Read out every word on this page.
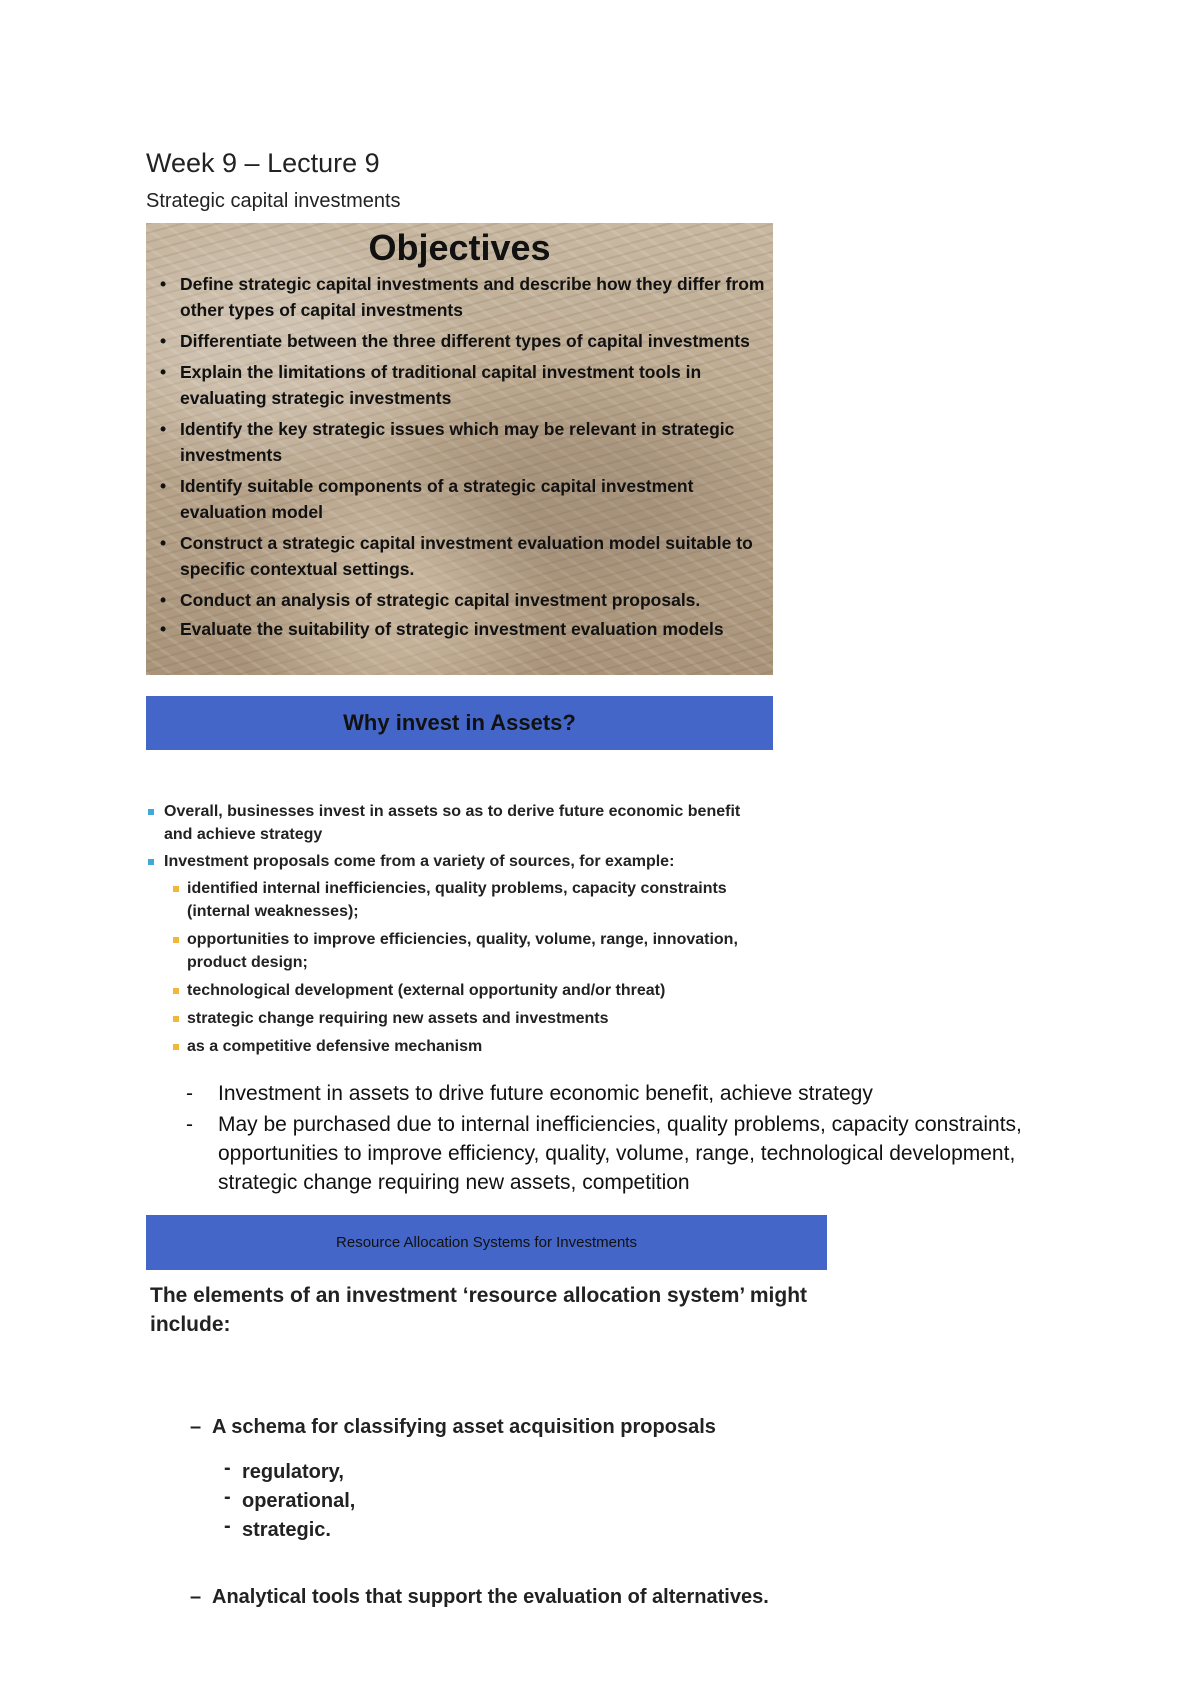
Week 9 – Lecture 9
Strategic capital investments
Objectives
• Define strategic capital investments and describe how they differ from other types of capital investments
• Differentiate between the three different types of capital investments
• Explain the limitations of traditional capital investment tools in evaluating strategic investments
• Identify the key strategic issues which may be relevant in strategic investments
• Identify suitable components of a strategic capital investment evaluation model
• Construct a strategic capital investment evaluation model suitable to specific contextual settings.
• Conduct an analysis of strategic capital investment proposals.
• Evaluate the suitability of strategic investment evaluation models
Why invest in Assets?
Overall, businesses invest in assets so as to derive future economic benefit and achieve strategy
Investment proposals come from a variety of sources, for example:
identified internal inefficiencies, quality problems, capacity constraints (internal weaknesses);
opportunities to improve efficiencies, quality, volume, range, innovation, product design;
technological development (external opportunity and/or threat)
strategic change requiring new assets and investments
as a competitive defensive mechanism
- Investment in assets to drive future economic benefit, achieve strategy
- May be purchased due to internal inefficiencies, quality problems, capacity constraints, opportunities to improve efficiency, quality, volume, range, technological development, strategic change requiring new assets, competition
Resource Allocation Systems for Investments
The elements of an investment ‘resource allocation system’ might include:
– A schema for classifying asset acquisition proposals
- regulatory,
- operational,
- strategic.
– Analytical tools that support the evaluation of alternatives.
